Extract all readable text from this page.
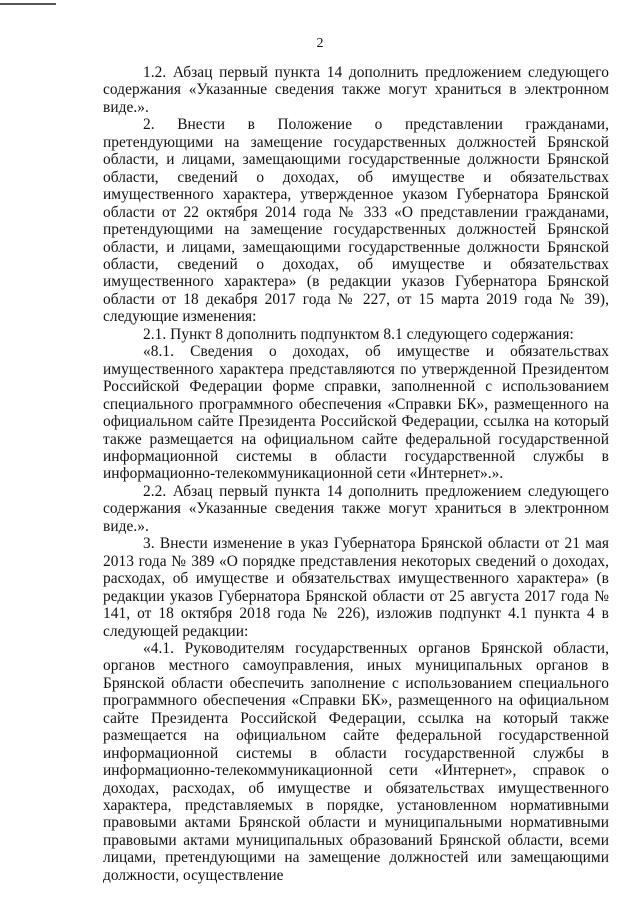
2

1.2. Абзац первый пункта 14 дополнить предложением следующего содержания «Указанные сведения также могут храниться в электронном виде.».

2. Внести в Положение о представлении гражданами, претендующими на замещение государственных должностей Брянской области, и лицами, замещающими государственные должности Брянской области, сведений о доходах, об имуществе и обязательствах имущественного характера, утвержденное указом Губернатора Брянской области от 22 октября 2014 года № 333 «О представлении гражданами, претендующими на замещение государственных должностей Брянской области, и лицами, замещающими государственные должности Брянской области, сведений о доходах, об имуществе и обязательствах имущественного характера» (в редакции указов Губернатора Брянской области от 18 декабря 2017 года № 227, от 15 марта 2019 года № 39), следующие изменения:

2.1. Пункт 8 дополнить подпунктом 8.1 следующего содержания:

«8.1. Сведения о доходах, об имуществе и обязательствах имущественного характера представляются по утвержденной Президентом Российской Федерации форме справки, заполненной с использованием специального программного обеспечения «Справки БК», размещенного на официальном сайте Президента Российской Федерации, ссылка на который также размещается на официальном сайте федеральной государственной информационной системы в области государственной службы в информационно-телекоммуникационной сети «Интернет».».

2.2. Абзац первый пункта 14 дополнить предложением следующего содержания «Указанные сведения также могут храниться в электронном виде.».

3. Внести изменение в указ Губернатора Брянской области от 21 мая 2013 года № 389 «О порядке представления некоторых сведений о доходах, расходах, об имуществе и обязательствах имущественного характера» (в редакции указов Губернатора Брянской области от 25 августа 2017 года № 141, от 18 октября 2018 года № 226), изложив подпункт 4.1 пункта 4 в следующей редакции:

«4.1. Руководителям государственных органов Брянской области, органов местного самоуправления, иных муниципальных органов в Брянской области обеспечить заполнение с использованием специального программного обеспечения «Справки БК», размещенного на официальном сайте Президента Российской Федерации, ссылка на который также размещается на официальном сайте федеральной государственной информационной системы в области государственной службы в информационно-телекоммуникационной сети «Интернет», справок о доходах, расходах, об имуществе и обязательствах имущественного характера, представляемых в порядке, установленном нормативными правовыми актами Брянской области и муниципальными нормативными правовыми актами муниципальных образований Брянской области, всеми лицами, претендующими на замещение должностей или замещающими должности, осуществление
